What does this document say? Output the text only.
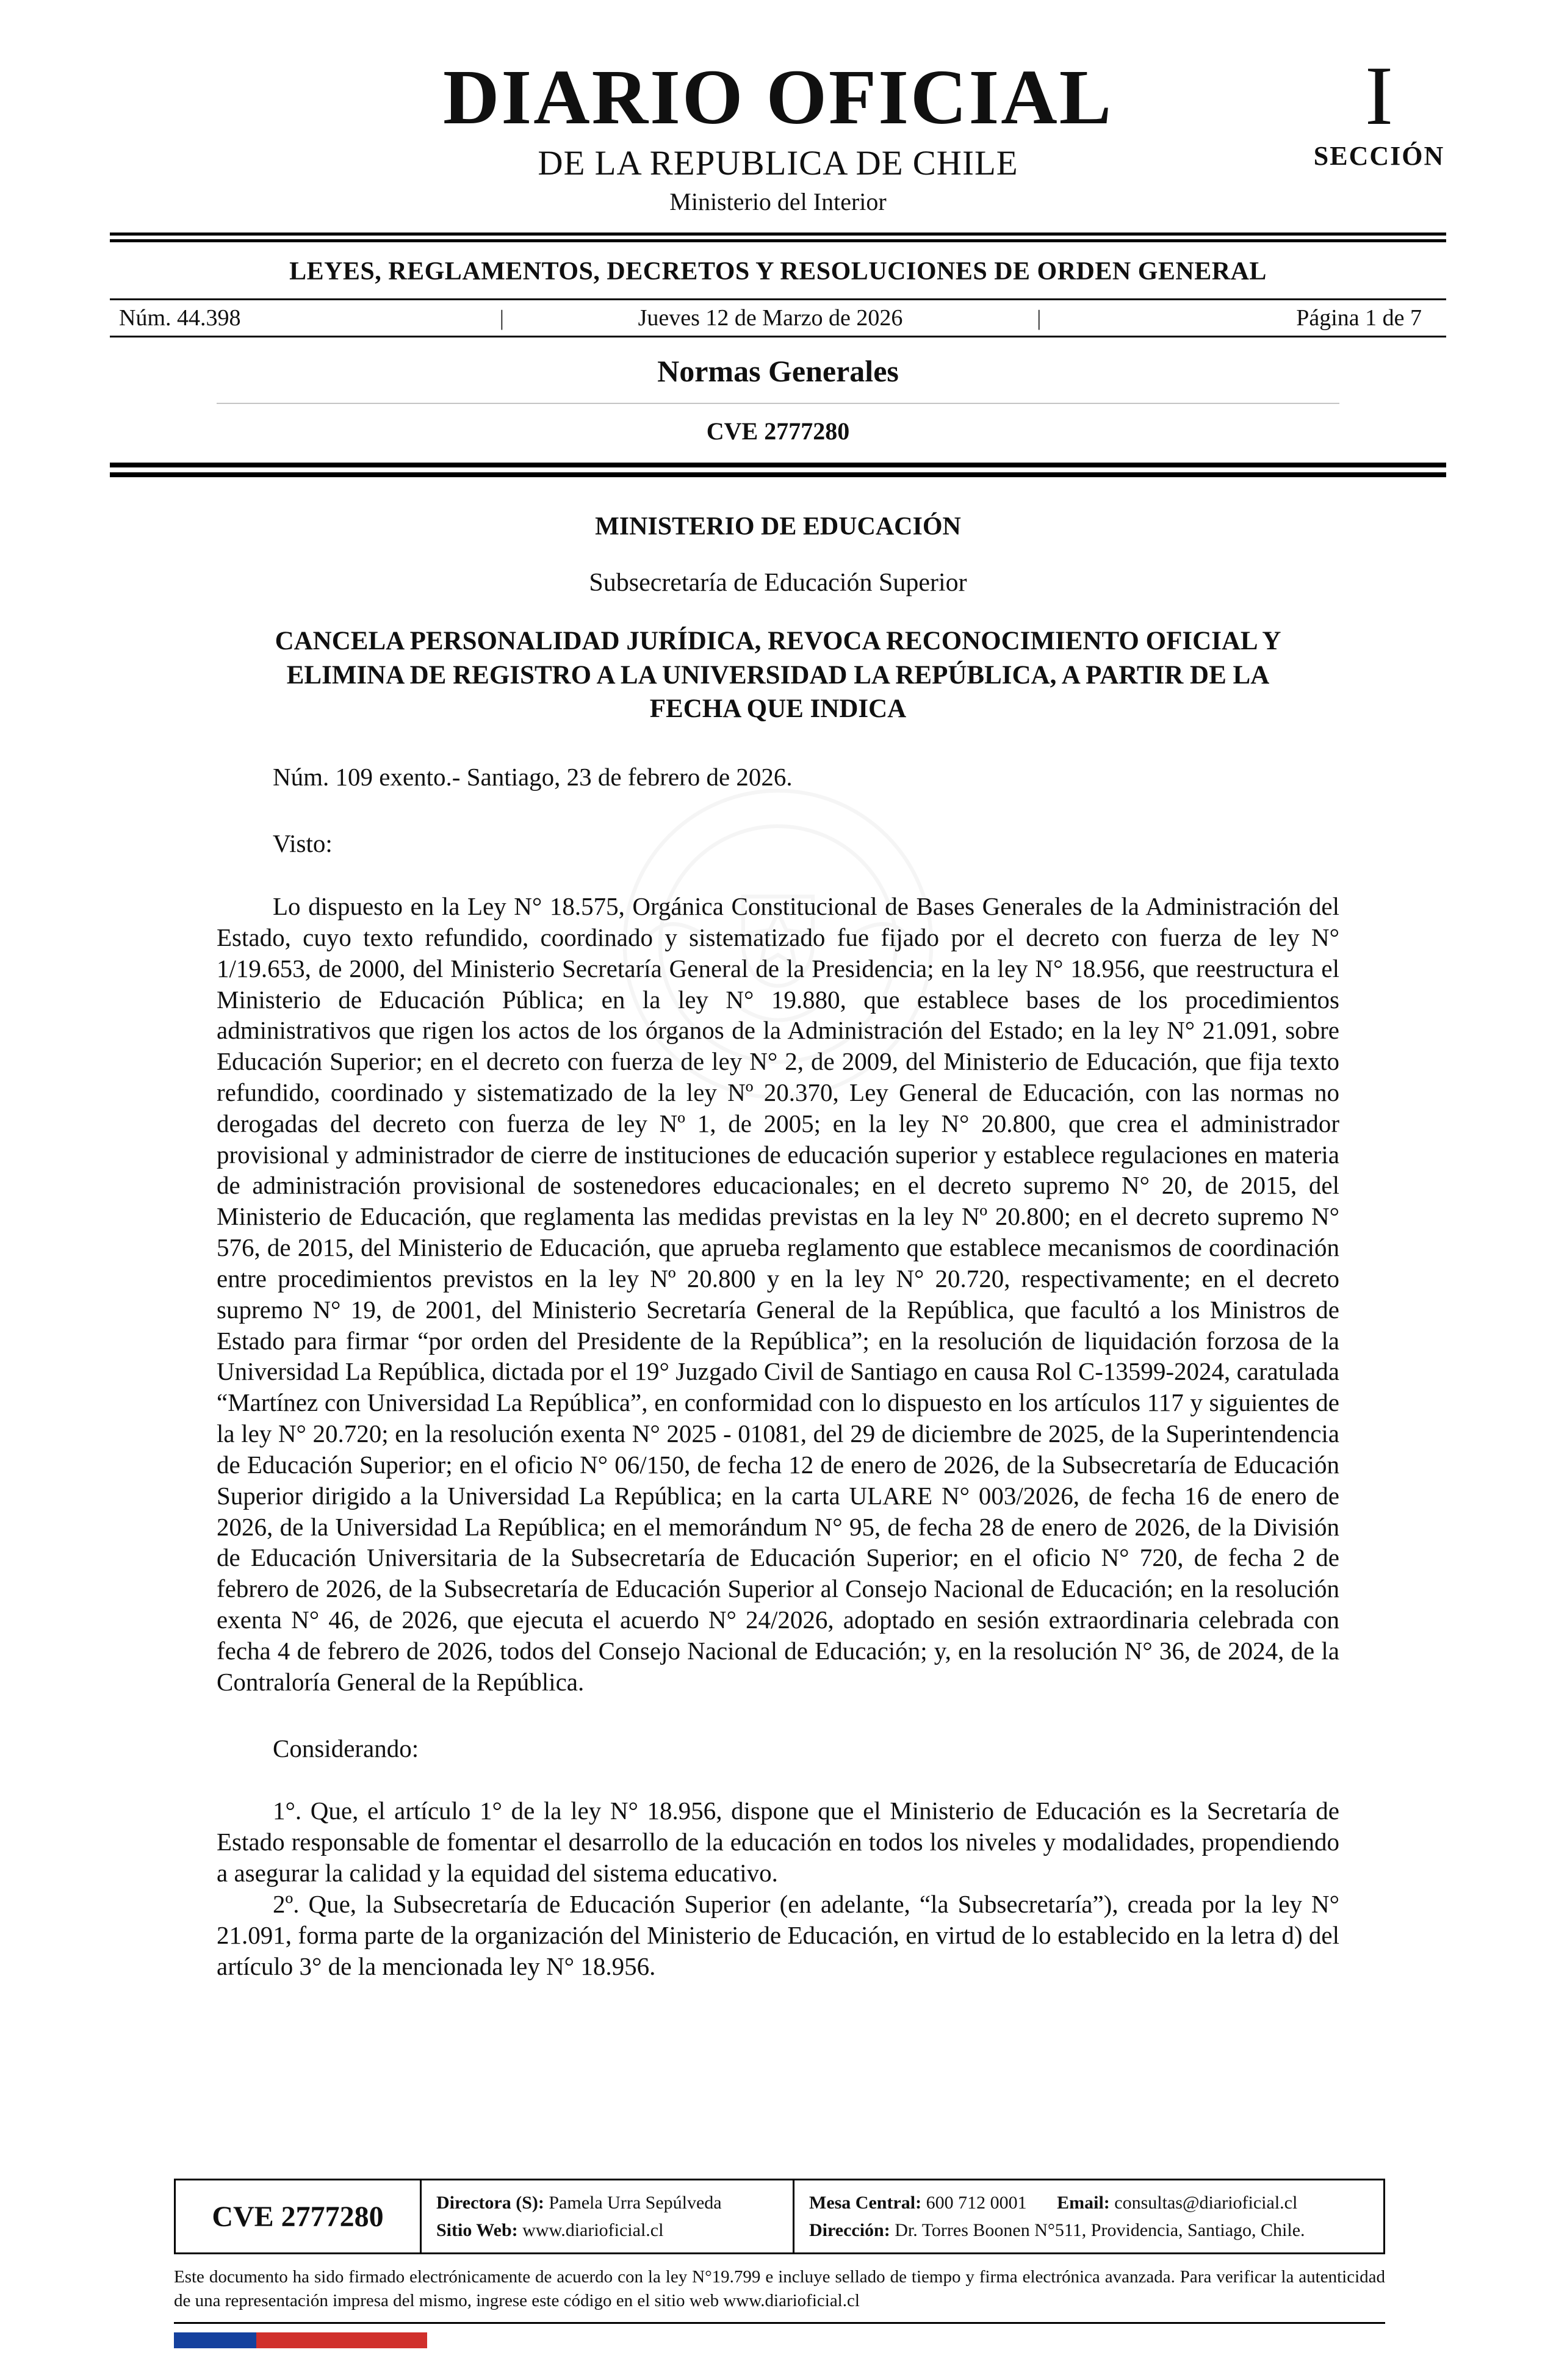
DIARIO OFICIAL
DE LA REPUBLICA DE CHILE
Ministerio del Interior
I
SECCIÓN
LEYES, REGLAMENTOS, DECRETOS Y RESOLUCIONES DE ORDEN GENERAL
Núm. 44.398	|	Jueves 12 de Marzo de 2026	|	Página 1 de 7
Normas Generales
CVE 2777280
MINISTERIO DE EDUCACIÓN
Subsecretaría de Educación Superior
CANCELA PERSONALIDAD JURÍDICA, REVOCA RECONOCIMIENTO OFICIAL Y ELIMINA DE REGISTRO A LA UNIVERSIDAD LA REPÚBLICA, A PARTIR DE LA FECHA QUE INDICA

Núm. 109 exento.- Santiago, 23 de febrero de 2026.

Visto:

Lo dispuesto en la Ley N° 18.575, Orgánica Constitucional de Bases Generales de la Administración del Estado, cuyo texto refundido, coordinado y sistematizado fue fijado por el decreto con fuerza de ley N° 1/19.653, de 2000, del Ministerio Secretaría General de la Presidencia; en la ley N° 18.956, que reestructura el Ministerio de Educación Pública; en la ley N° 19.880, que establece bases de los procedimientos administrativos que rigen los actos de los órganos de la Administración del Estado; en la ley N° 21.091, sobre Educación Superior; en el decreto con fuerza de ley N° 2, de 2009, del Ministerio de Educación, que fija texto refundido, coordinado y sistematizado de la ley Nº 20.370, Ley General de Educación, con las normas no derogadas del decreto con fuerza de ley Nº 1, de 2005; en la ley N° 20.800, que crea el administrador provisional y administrador de cierre de instituciones de educación superior y establece regulaciones en materia de administración provisional de sostenedores educacionales; en el decreto supremo N° 20, de 2015, del Ministerio de Educación, que reglamenta las medidas previstas en la ley Nº 20.800; en el decreto supremo N° 576, de 2015, del Ministerio de Educación, que aprueba reglamento que establece mecanismos de coordinación entre procedimientos previstos en la ley Nº 20.800 y en la ley N° 20.720, respectivamente; en el decreto supremo N° 19, de 2001, del Ministerio Secretaría General de la República, que facultó a los Ministros de Estado para firmar “por orden del Presidente de la República”; en la resolución de liquidación forzosa de la Universidad La República, dictada por el 19° Juzgado Civil de Santiago en causa Rol C-13599-2024, caratulada “Martínez con Universidad La República”, en conformidad con lo dispuesto en los artículos 117 y siguientes de la ley N° 20.720; en la resolución exenta N° 2025 - 01081, del 29 de diciembre de 2025, de la Superintendencia de Educación Superior; en el oficio N° 06/150, de fecha 12 de enero de 2026, de la Subsecretaría de Educación Superior dirigido a la Universidad La República; en la carta ULARE N° 003/2026, de fecha 16 de enero de 2026, de la Universidad La República; en el memorándum N° 95, de fecha 28 de enero de 2026, de la División de Educación Universitaria de la Subsecretaría de Educación Superior; en el oficio N° 720, de fecha 2 de febrero de 2026, de la Subsecretaría de Educación Superior al Consejo Nacional de Educación; en la resolución exenta N° 46, de 2026, que ejecuta el acuerdo N° 24/2026, adoptado en sesión extraordinaria celebrada con fecha 4 de febrero de 2026, todos del Consejo Nacional de Educación; y, en la resolución N° 36, de 2024, de la Contraloría General de la República.

Considerando:

1°. Que, el artículo 1° de la ley N° 18.956, dispone que el Ministerio de Educación es la Secretaría de Estado responsable de fomentar el desarrollo de la educación en todos los niveles y modalidades, propendiendo a asegurar la calidad y la equidad del sistema educativo.

2º. Que, la Subsecretaría de Educación Superior (en adelante, “la Subsecretaría”), creada por la ley N° 21.091, forma parte de la organización del Ministerio de Educación, en virtud de lo establecido en la letra d) del artículo 3° de la mencionada ley N° 18.956.

CVE 2777280	Directora (S): Pamela Urra Sepúlveda
Sitio Web: www.diarioficial.cl
Mesa Central: 600 712 0001 Email: consultas@diarioficial.cl
Dirección: Dr. Torres Boonen N°511, Providencia, Santiago, Chile.

Este documento ha sido firmado electrónicamente de acuerdo con la ley N°19.799 e incluye sellado de tiempo y firma electrónica avanzada. Para verificar la autenticidad de una representación impresa del mismo, ingrese este código en el sitio web www.diarioficial.cl
